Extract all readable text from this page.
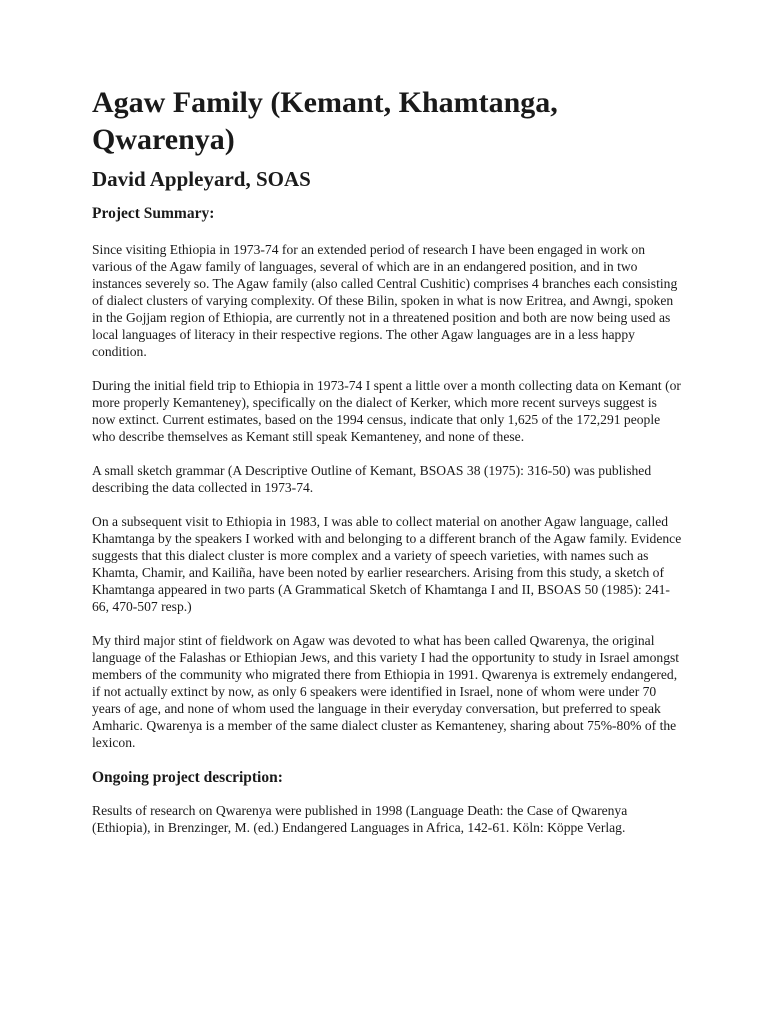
Agaw Family (Kemant, Khamtanga, Qwarenya)
David Appleyard, SOAS
Project Summary:

Since visiting Ethiopia in 1973-74 for an extended period of research I have been engaged in work on various of the Agaw family of languages, several of which are in an endangered position, and in two instances severely so. The Agaw family (also called Central Cushitic) comprises 4 branches each consisting of dialect clusters of varying complexity. Of these Bilin, spoken in what is now Eritrea, and Awngi, spoken in the Gojjam region of Ethiopia, are currently not in a threatened position and both are now being used as local languages of literacy in their respective regions. The other Agaw languages are in a less happy condition.

During the initial field trip to Ethiopia in 1973-74 I spent a little over a month collecting data on Kemant (or more properly Kemanteney), specifically on the dialect of Kerker, which more recent surveys suggest is now extinct. Current estimates, based on the 1994 census, indicate that only 1,625 of the 172,291 people who describe themselves as Kemant still speak Kemanteney, and none of these.

A small sketch grammar (A Descriptive Outline of Kemant, BSOAS 38 (1975): 316-50) was published describing the data collected in 1973-74.

On a subsequent visit to Ethiopia in 1983, I was able to collect material on another Agaw language, called Khamtanga by the speakers I worked with and belonging to a different branch of the Agaw family. Evidence suggests that this dialect cluster is more complex and a variety of speech varieties, with names such as Khamta, Chamir, and Kailiña, have been noted by earlier researchers. Arising from this study, a sketch of Khamtanga appeared in two parts (A Grammatical Sketch of Khamtanga I and II, BSOAS 50 (1985): 241-66, 470-507 resp.)

My third major stint of fieldwork on Agaw was devoted to what has been called Qwarenya, the original language of the Falashas or Ethiopian Jews, and this variety I had the opportunity to study in Israel amongst members of the community who migrated there from Ethiopia in 1991. Qwarenya is extremely endangered, if not actually extinct by now, as only 6 speakers were identified in Israel, none of whom were under 70 years of age, and none of whom used the language in their everyday conversation, but preferred to speak Amharic. Qwarenya is a member of the same dialect cluster as Kemanteney, sharing about 75%-80% of the lexicon.

Ongoing project description:

Results of research on Qwarenya were published in 1998 (Language Death: the Case of Qwarenya (Ethiopia), in Brenzinger, M. (ed.) Endangered Languages in Africa, 142-61. Köln: Köppe Verlag.
